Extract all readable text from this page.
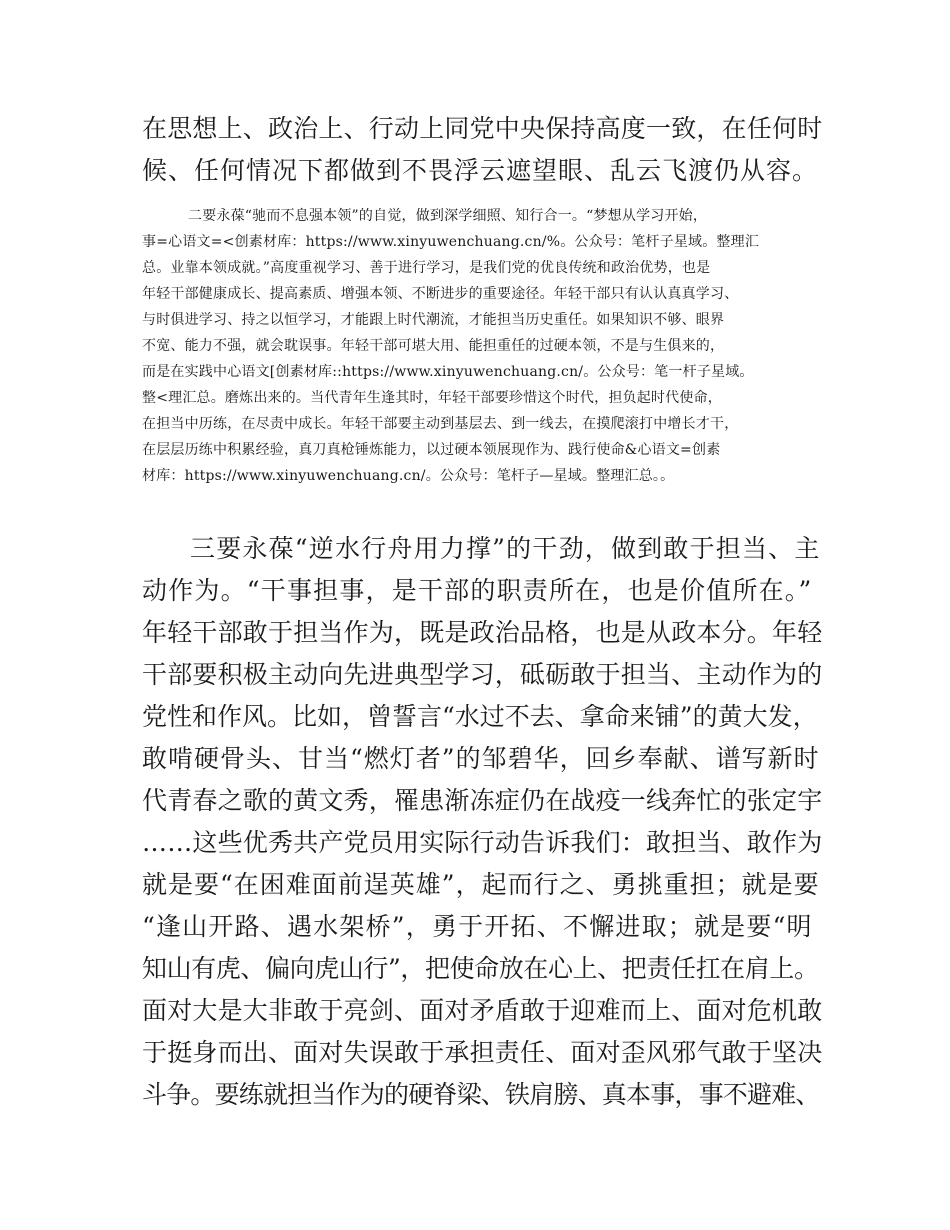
在思想上、政治上、行动上同党中央保持高度一致，在任何时
候、任何情况下都做到不畏浮云遮望眼、乱云飞渡仍从容。
二要永葆“驰而不息强本领”的自觉，做到深学细照、知行合一。“梦想从学习开始，
事=心语文=<创素材库：https://www.xinyuwenchuang.cn/%。公众号：笔杆子星域。整理汇
总。业靠本领成就。”高度重视学习、善于进行学习，是我们党的优良传统和政治优势，也是
年轻干部健康成长、提高素质、增强本领、不断进步的重要途径。年轻干部只有认认真真学习、
与时俱进学习、持之以恒学习，才能跟上时代潮流，才能担当历史重任。如果知识不够、眼界
不宽、能力不强，就会耽误事。年轻干部可堪大用、能担重任的过硬本领，不是与生俱来的，
而是在实践中心语文[创素材库::https://www.xinyuwenchuang.cn/。公众号：笔一杆子星域。
整<理汇总。磨炼出来的。当代青年生逢其时，年轻干部要珍惜这个时代，担负起时代使命，
在担当中历练，在尽责中成长。年轻干部要主动到基层去、到一线去，在摸爬滚打中增长才干，
在层层历练中积累经验，真刀真枪锤炼能力，以过硬本领展现作为、践行使命&心语文=创素
材库：https://www.xinyuwenchuang.cn/。公众号：笔杆子—星域。整理汇总。。
三要永葆“逆水行舟用力撑”的干劲，做到敢于担当、主
动作为。“干事担事，是干部的职责所在，也是价值所在。”
年轻干部敢于担当作为，既是政治品格，也是从政本分。年轻
干部要积极主动向先进典型学习，砥砺敢于担当、主动作为的
党性和作风。比如，曾誓言“水过不去、拿命来铺”的黄大发，
敢啃硬骨头、甘当“燃灯者”的邹碧华，回乡奉献、谱写新时
代青春之歌的黄文秀，罹患渐冻症仍在战疫一线奔忙的张定宇
……这些优秀共产党员用实际行动告诉我们：敢担当、敢作为
就是要“在困难面前逞英雄”，起而行之、勇挑重担；就是要
“逢山开路、遇水架桥”，勇于开拓、不懈进取；就是要“明
知山有虎、偏向虎山行”，把使命放在心上、把责任扛在肩上。
面对大是大非敢于亮剑、面对矛盾敢于迎难而上、面对危机敢
于挺身而出、面对失误敢于承担责任、面对歪风邪气敢于坚决
斗争。要练就担当作为的硬脊梁、铁肩膀、真本事，事不避难、
